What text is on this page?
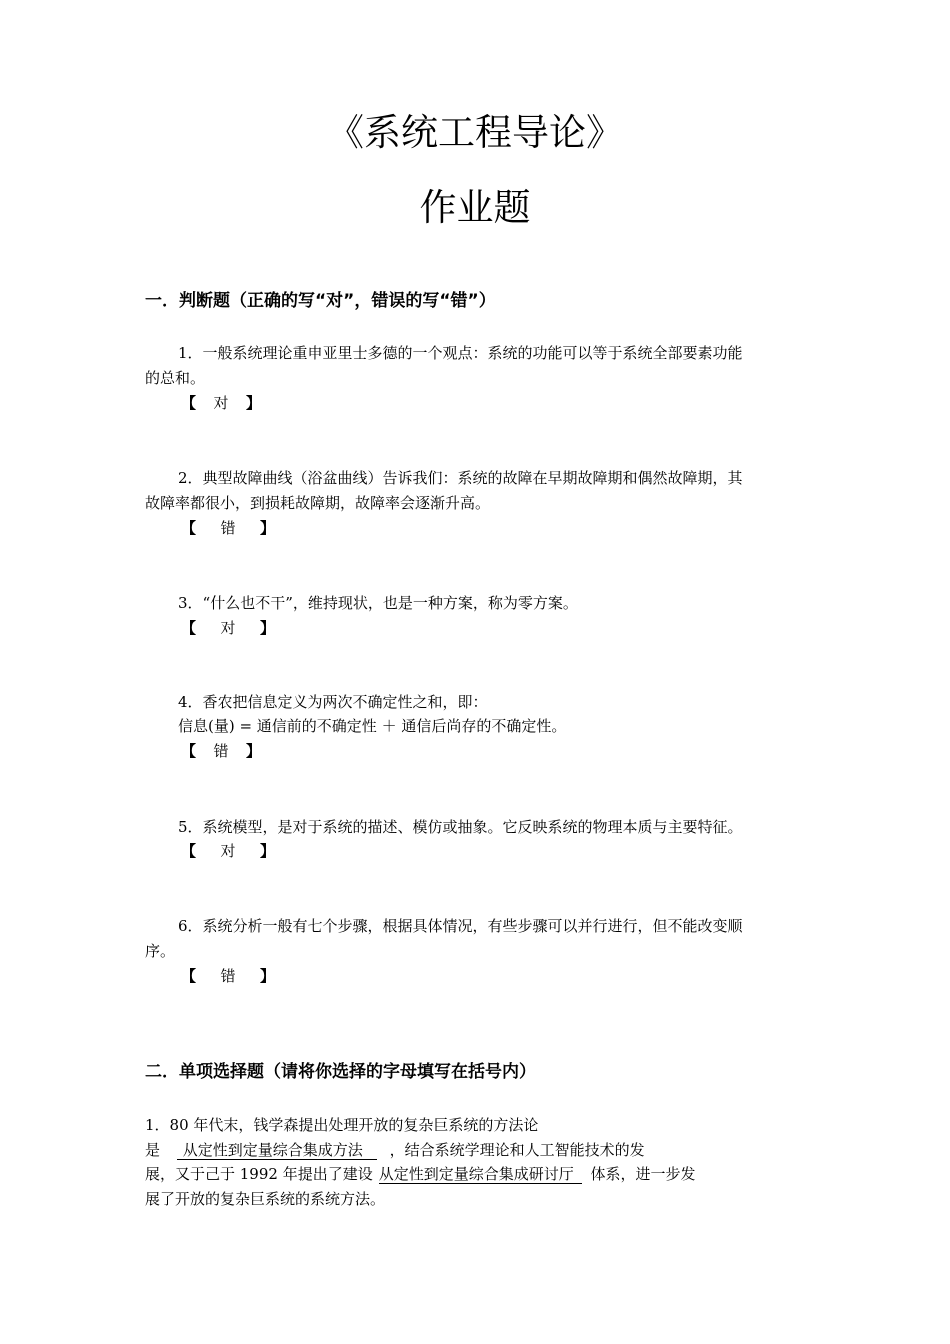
《系统工程导论》
作业题
一．判断题（正确的写“对”，错误的写“错”）
1．一般系统理论重申亚里士多德的一个观点：系统的功能可以等于系统全部要素功能
的总和。
【 对 】
2．典型故障曲线（浴盆曲线）告诉我们：系统的故障在早期故障期和偶然故障期，其
故障率都很小，到损耗故障期，故障率会逐渐升高。
【 错 】
3．“什么也不干”，维持现状，也是一种方案，称为零方案。
【 对 】
4．香农把信息定义为两次不确定性之和，即：
信息(量) = 通信前的不确定性 ＋ 通信后尚存的不确定性。
【 错 】
5．系统模型，是对于系统的描述、模仿或抽象。它反映系统的物理本质与主要特征。
【 对 】
6．系统分析一般有七个步骤，根据具体情况，有些步骤可以并行进行，但不能改变顺
序。
【 错 】
二．单项选择题（请将你选择的字母填写在括号内）
1．80 年代末，钱学森提出处理开放的复杂巨系统的方法论
是 从定性到定量综合集成方法 ，结合系统学理论和人工智能技术的发
展，又于己于 1992 年提出了建设 从定性到定量综合集成研讨厅 体系，进一步发
展了开放的复杂巨系统的系统方法。
